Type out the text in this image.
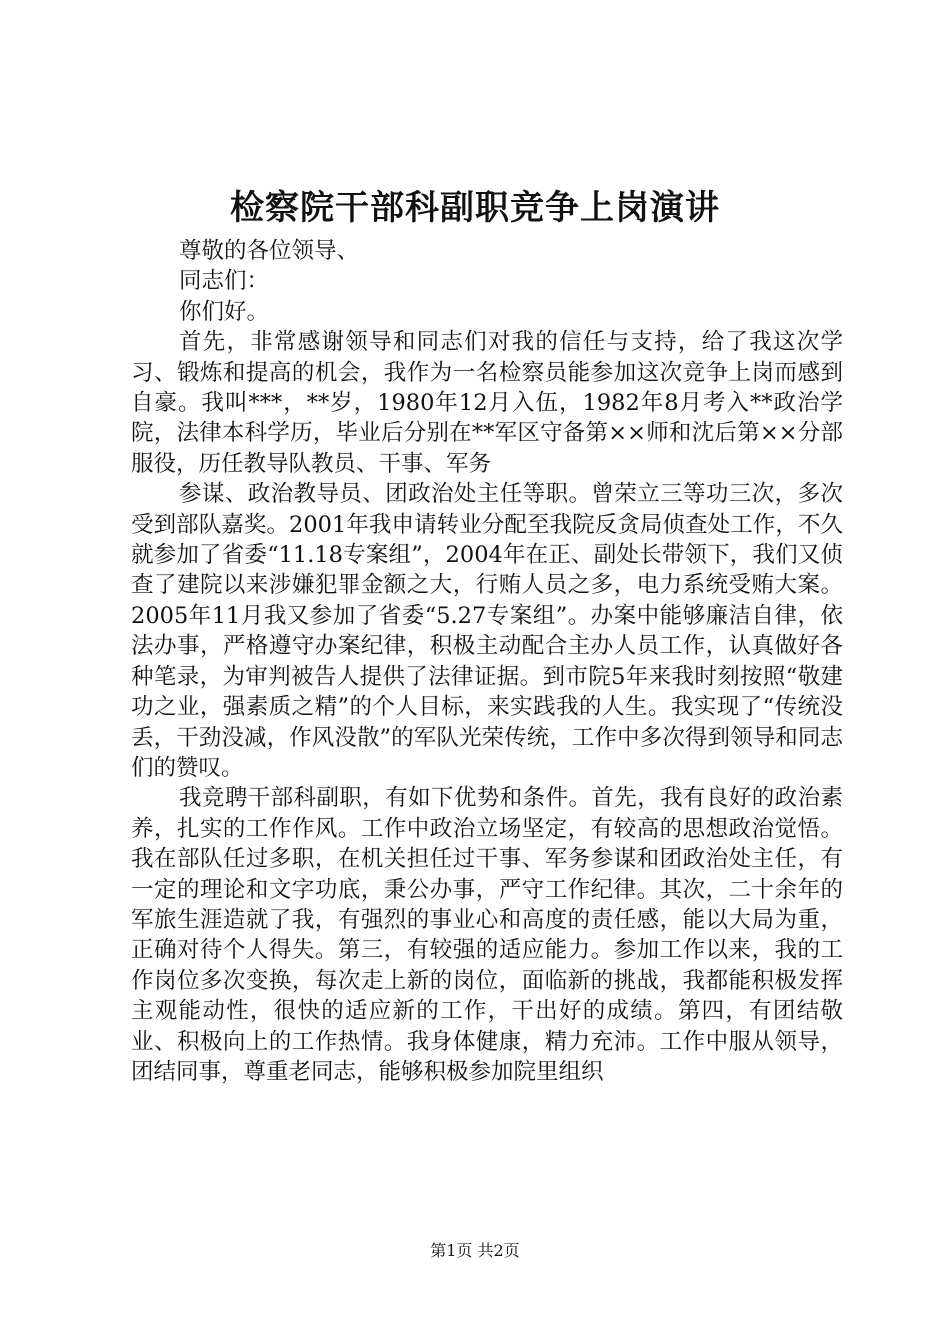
检察院干部科副职竞争上岗演讲

尊敬的各位领导、

同志们：

你们好。

首先，非常感谢领导和同志们对我的信任与支持，给了我这次学习、锻炼和提高的机会，我作为一名检察员能参加这次竞争上岗而感到自豪。我叫***，**岁，1980年12月入伍，1982年8月考入**政治学院，法律本科学历，毕业后分别在**军区守备第××师和沈后第××分部服役，历任教导队教员、干事、军务

参谋、政治教导员、团政治处主任等职。曾荣立三等功三次，多次受到部队嘉奖。2001年我申请转业分配至我院反贪局侦查处工作，不久就参加了省委“11.18专案组”，2004年在正、副处长带领下，我们又侦查了建院以来涉嫌犯罪金额之大，行贿人员之多，电力系统受贿大案。2005年11月我又参加了省委“5.27专案组”。办案中能够廉洁自律，依法办事，严格遵守办案纪律，积极主动配合主办人员工作，认真做好各种笔录，为审判被告人提供了法律证据。到市院5年来我时刻按照“敬建功之业，强素质之精”的个人目标，来实践我的人生。我实现了“传统没丢，干劲没减，作风没散”的军队光荣传统，工作中多次得到领导和同志们的赞叹。

我竞聘干部科副职，有如下优势和条件。首先，我有良好的政治素养，扎实的工作作风。工作中政治立场坚定，有较高的思想政治觉悟。我在部队任过多职，在机关担任过干事、军务参谋和团政治处主任，有一定的理论和文字功底，秉公办事，严守工作纪律。其次，二十余年的军旅生涯造就了我，有强烈的事业心和高度的责任感，能以大局为重，正确对待个人得失。第三，有较强的适应能力。参加工作以来，我的工作岗位多次变换，每次走上新的岗位，面临新的挑战，我都能积极发挥主观能动性，很快的适应新的工作，干出好的成绩。第四，有团结敬业、积极向上的工作热情。我身体健康，精力充沛。工作中服从领导，团结同事，尊重老同志，能够积极参加院里组织

第1页 共2页
